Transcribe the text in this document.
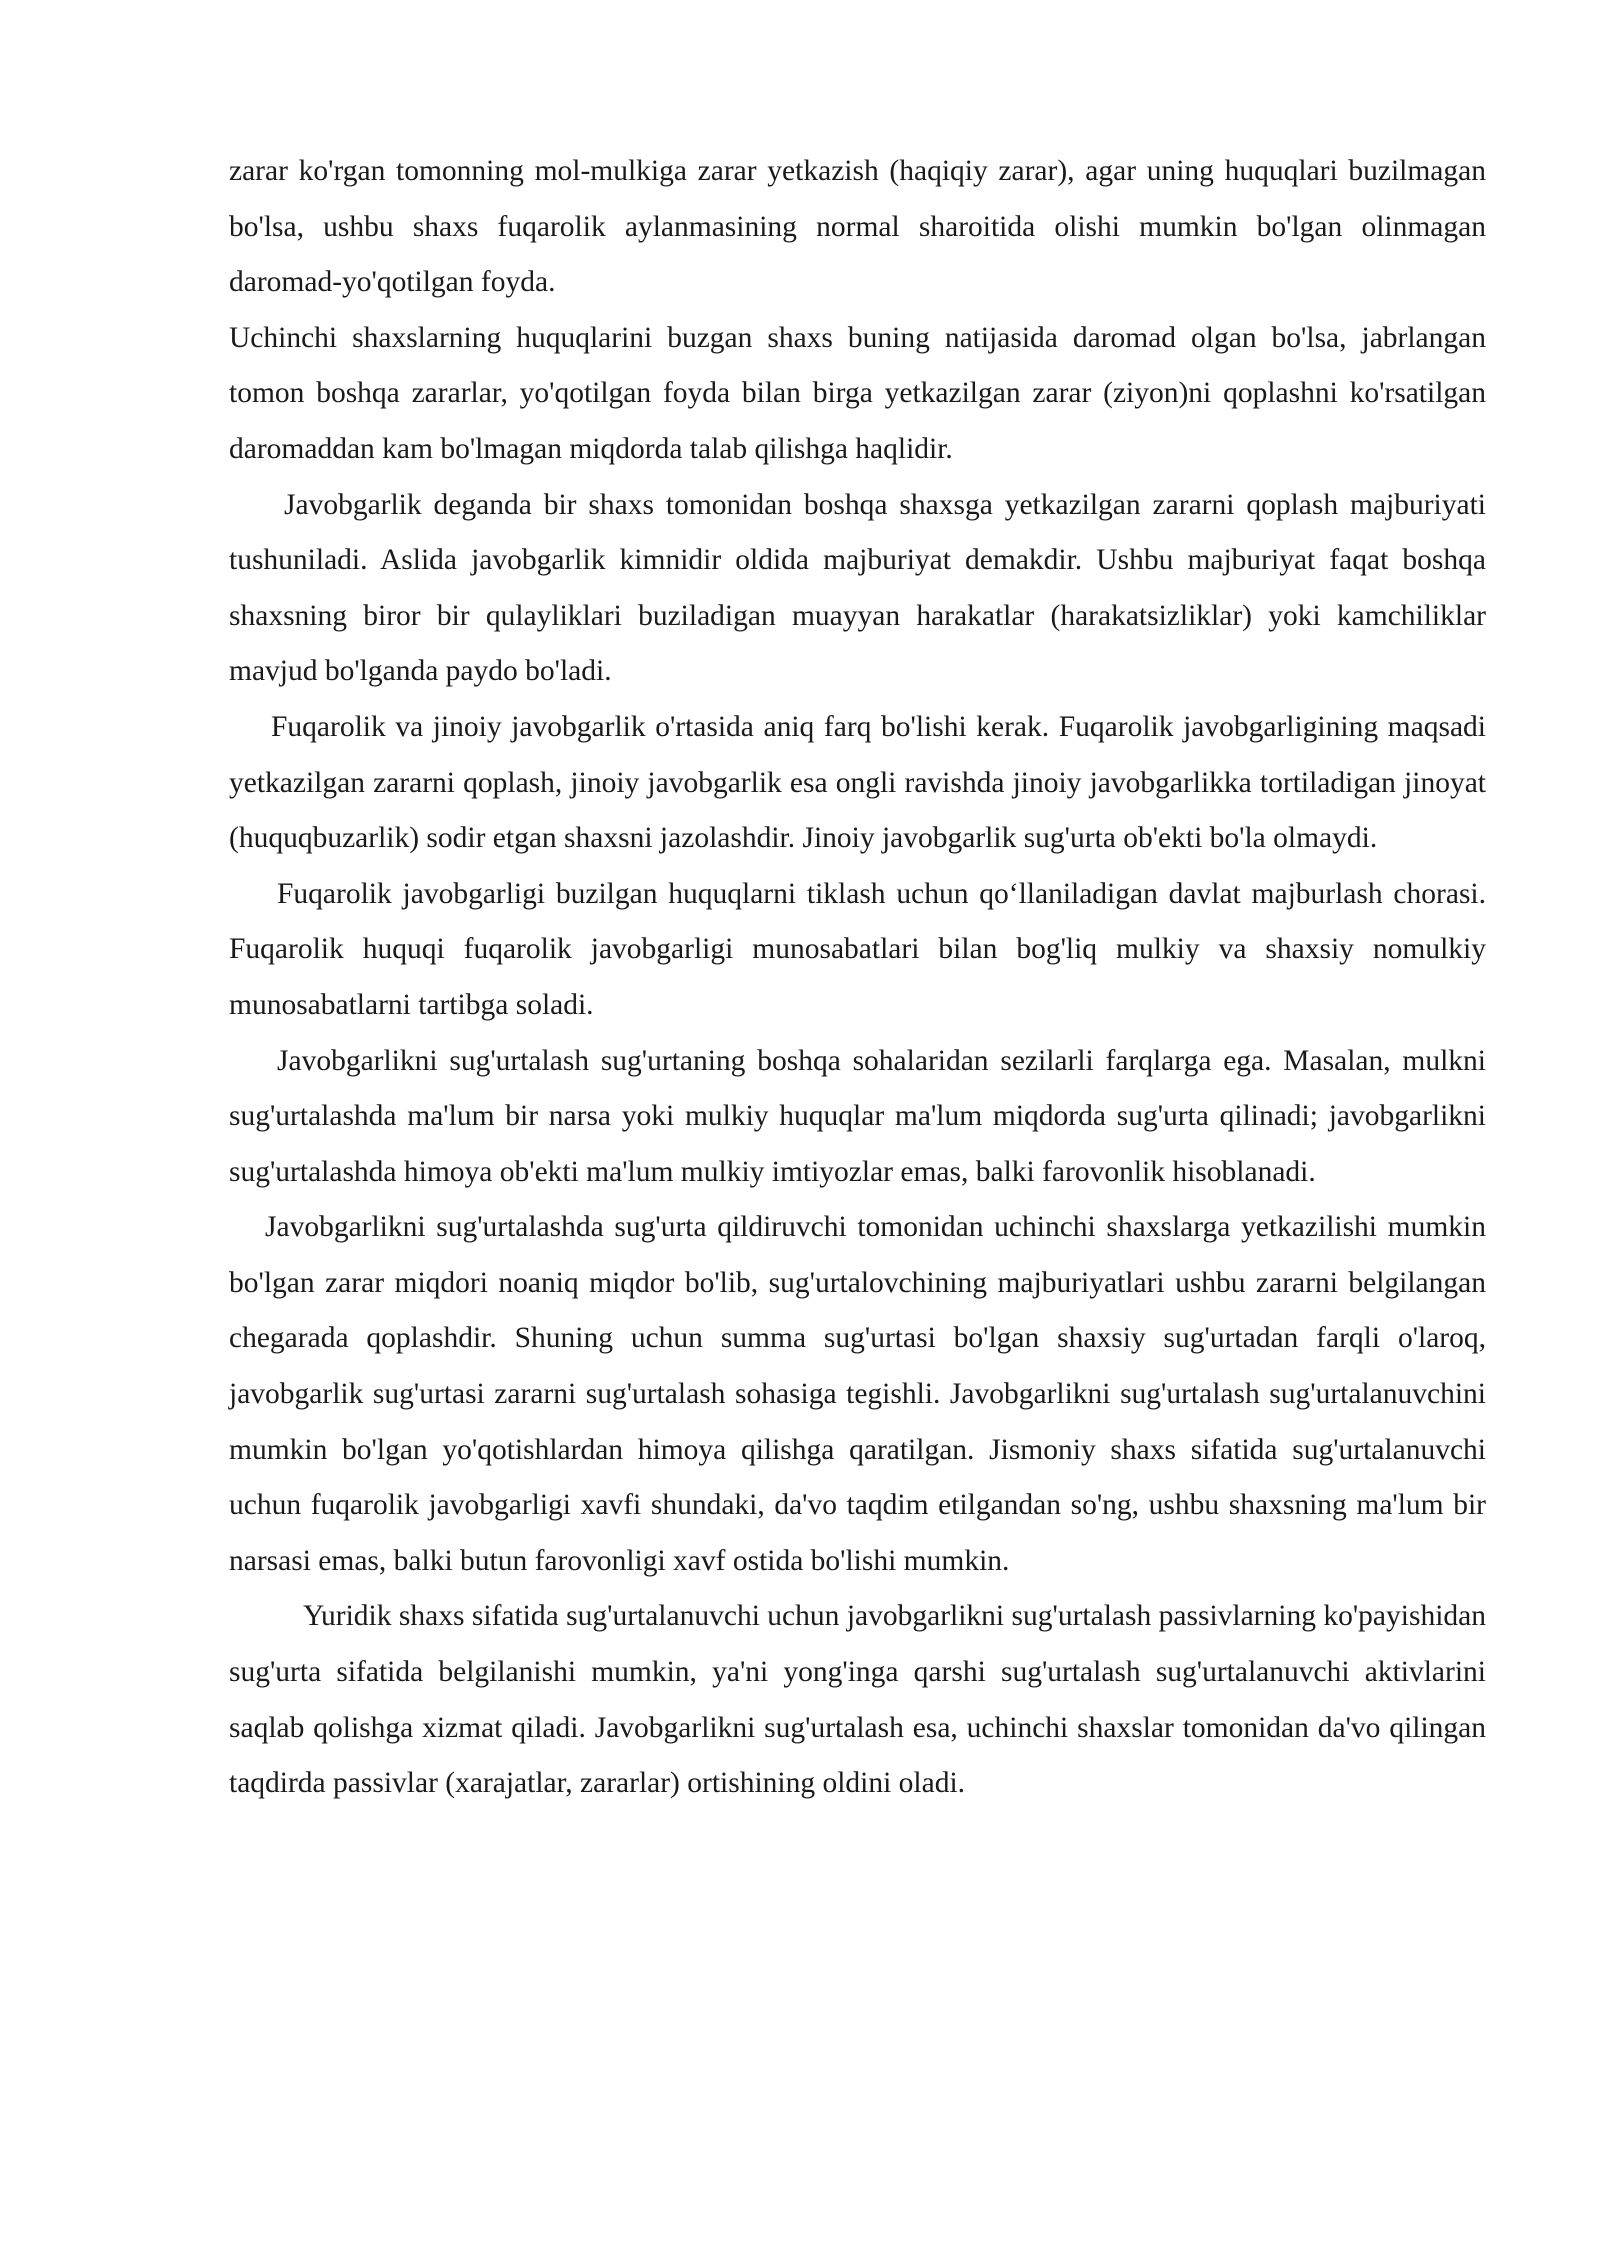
zarar ko'rgan tomonning mol-mulkiga zarar yetkazish (haqiqiy zarar), agar uning huquqlari buzilmagan bo'lsa, ushbu shaxs fuqarolik aylanmasining normal sharoitida olishi mumkin bo'lgan olinmagan daromad-yo'qotilgan foyda.

Uchinchi shaxslarning huquqlarini buzgan shaxs buning natijasida daromad olgan bo'lsa, jabrlangan tomon boshqa zararlar, yo'qotilgan foyda bilan birga yetkazilgan zarar (ziyon)ni qoplashni ko'rsatilgan daromaddan kam bo'lmagan miqdorda talab qilishga haqlidir.

Javobgarlik deganda bir shaxs tomonidan boshqa shaxsga yetkazilgan zararni qoplash majburiyati tushuniladi. Aslida javobgarlik kimnidir oldida majburiyat demakdir. Ushbu majburiyat faqat boshqa shaxsning biror bir qulayliklari buziladigan muayyan harakatlar (harakatsizliklar) yoki kamchiliklar mavjud bo'lganda paydo bo'ladi.

Fuqarolik va jinoiy javobgarlik o'rtasida aniq farq bo'lishi kerak. Fuqarolik javobgarligining maqsadi yetkazilgan zararni qoplash, jinoiy javobgarlik esa ongli ravishda jinoiy javobgarlikka tortiladigan jinoyat (huquqbuzarlik) sodir etgan shaxsni jazolashdir. Jinoiy javobgarlik sug'urta ob'ekti bo'la olmaydi.

Fuqarolik javobgarligi buzilgan huquqlarni tiklash uchun qo‘llaniladigan davlat majburlash chorasi. Fuqarolik huquqi fuqarolik javobgarligi munosabatlari bilan bog'liq mulkiy va shaxsiy nomulkiy munosabatlarni tartibga soladi.

Javobgarlikni sug'urtalash sug'urtaning boshqa sohalaridan sezilarli farqlarga ega. Masalan, mulkni sug'urtalashda ma'lum bir narsa yoki mulkiy huquqlar ma'lum miqdorda sug'urta qilinadi; javobgarlikni sug'urtalashda himoya ob'ekti ma'lum mulkiy imtiyozlar emas, balki farovonlik hisoblanadi.

Javobgarlikni sug'urtalashda sug'urta qildiruvchi tomonidan uchinchi shaxslarga yetkazilishi mumkin bo'lgan zarar miqdori noaniq miqdor bo'lib, sug'urtalovchining majburiyatlari ushbu zararni belgilangan chegarada qoplashdir. Shuning uchun summa sug'urtasi bo'lgan shaxsiy sug'urtadan farqli o'laroq, javobgarlik sug'urtasi zararni sug'urtalash sohasiga tegishli. Javobgarlikni sug'urtalash sug'urtalanuvchini mumkin bo'lgan yo'qotishlardan himoya qilishga qaratilgan. Jismoniy shaxs sifatida sug'urtalanuvchi uchun fuqarolik javobgarligi xavfi shundaki, da'vo taqdim etilgandan so'ng, ushbu shaxsning ma'lum bir narsasi emas, balki butun farovonligi xavf ostida bo'lishi mumkin.

Yuridik shaxs sifatida sug'urtalanuvchi uchun javobgarlikni sug'urtalash passivlarning ko'payishidan sug'urta sifatida belgilanishi mumkin, ya'ni yong'inga qarshi sug'urtalash sug'urtalanuvchi aktivlarini saqlab qolishga xizmat qiladi. Javobgarlikni sug'urtalash esa, uchinchi shaxslar tomonidan da'vo qilingan taqdirda passivlar (xarajatlar, zararlar) ortishining oldini oladi.
